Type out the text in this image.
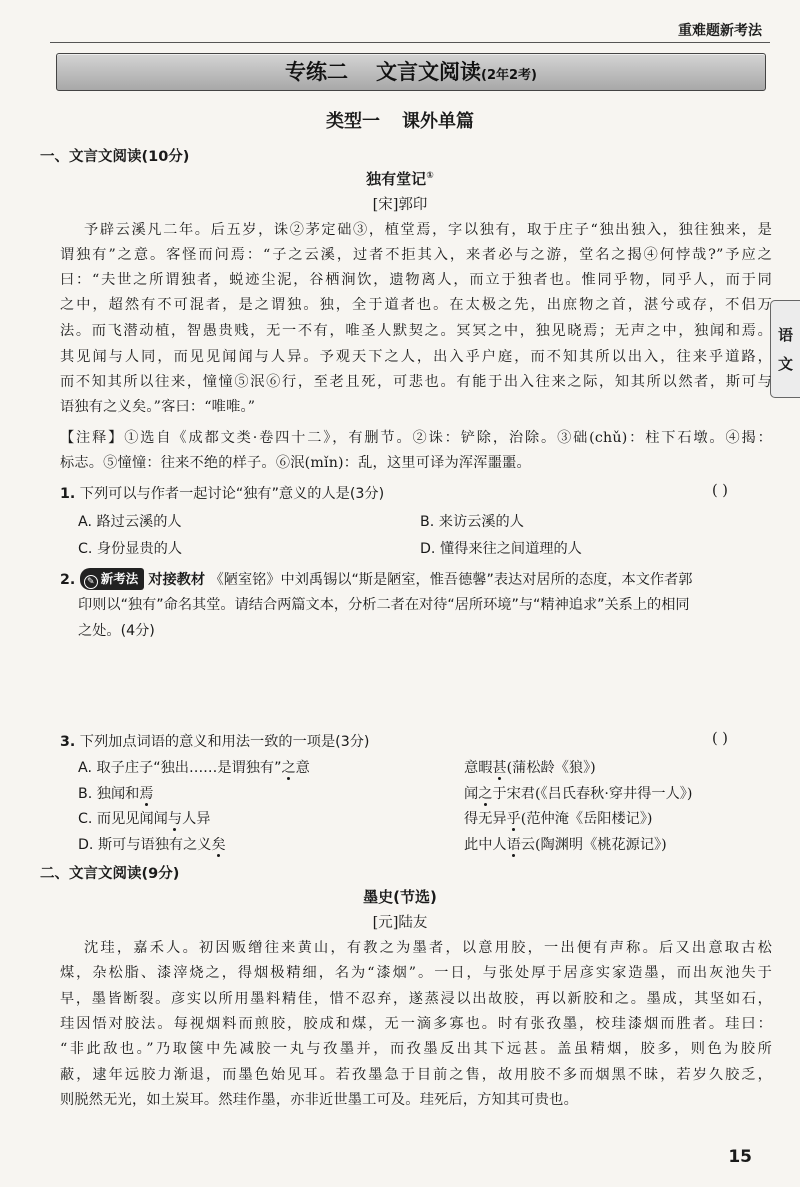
重难题新考法
专练二 文言文阅读(2年2考)
语
文
类型一 课外单篇
一、文言文阅读(10分)
独有堂记①
[宋]郭印
予辟云溪凡二年。后五岁，诛②茅定础③，植堂焉，字以独有，取于庄子“独出独入，独往独来，是
谓独有”之意。客怪而问焉：“子之云溪，过者不拒其入，来者必与之游，堂名之揭④何悖哉?”予应之
曰：“夫世之所谓独者，蜕迹尘泥，谷栖涧饮，遗物离人，而立于独者也。惟同乎物，同乎人，而于同
之中，超然有不可混者，是之谓独。独，全于道者也。在太极之先，出庶物之首，湛兮或存，不侣万
法。而飞潜动植，智愚贵贱，无一不有，唯圣人默契之。冥冥之中，独见晓焉；无声之中，独闻和焉。
其见闻与人同，而见见闻闻与人异。予观天下之人，出入乎户庭，而不知其所以出入，往来乎道路，
而不知其所以往来，憧憧⑤泯⑥行，至老且死，可悲也。有能于出入往来之际，知其所以然者，斯可与
语独有之义矣。”客曰：“唯唯。”
【注释】①选自《成都文类·卷四十二》，有删节。②诛：铲除，治除。③础(chǔ)：柱下石墩。④揭：
标志。⑤憧憧：往来不绝的样子。⑥泯(mǐn)：乱，这里可译为浑浑噩噩。
1. 下列可以与作者一起讨论“独有”意义的人是(3分)	( )
A. 路过云溪的人	B. 来访云溪的人
C. 身份显贵的人	D. 懂得来往之间道理的人
2. ✎ 新考法 对接教材 《陋室铭》中刘禹锡以“斯是陋室，惟吾德馨”表达对居所的态度，本文作者郭
印则以“独有”命名其堂。请结合两篇文本，分析二者在对待“居所环境”与“精神追求”关系上的相同
之处。(4分)
3. 下列加点词语的意义和用法一致的一项是(3分)	( )
A. 取子庄子“独出……是谓独有”之意	意暇甚(蒲松龄《狼》)
B. 独闻和焉	闻之于宋君(《吕氏春秋·穿井得一人》)
C. 而见见闻闻与人异	得无异乎(范仲淹《岳阳楼记》)
D. 斯可与语独有之义矣	此中人语云(陶渊明《桃花源记》)
二、文言文阅读(9分)
墨史(节选)
[元]陆友
沈珪，嘉禾人。初因贩缯往来黄山，有教之为墨者，以意用胶，一出便有声称。后又出意取古松
煤，杂松脂、漆滓烧之，得烟极精细，名为“漆烟”。一日，与张处厚于居彦实家造墨，而出灰池失于
早，墨皆断裂。彦实以所用墨料精佳，惜不忍弃，遂蒸浸以出故胶，再以新胶和之。墨成，其坚如石，
珪因悟对胶法。每视烟料而煎胶，胶成和煤，无一滴多寡也。时有张孜墨，校珪漆烟而胜者。珪曰：
“非此敌也。”乃取箧中先减胶一丸与孜墨并，而孜墨反出其下远甚。盖虽精烟，胶多，则色为胶所
蔽，逮年远胶力渐退，而墨色始见耳。若孜墨急于目前之售，故用胶不多而烟黑不昧，若岁久胶乏，
则脱然无光，如土炭耳。然珪作墨，亦非近世墨工可及。珪死后，方知其可贵也。
15
